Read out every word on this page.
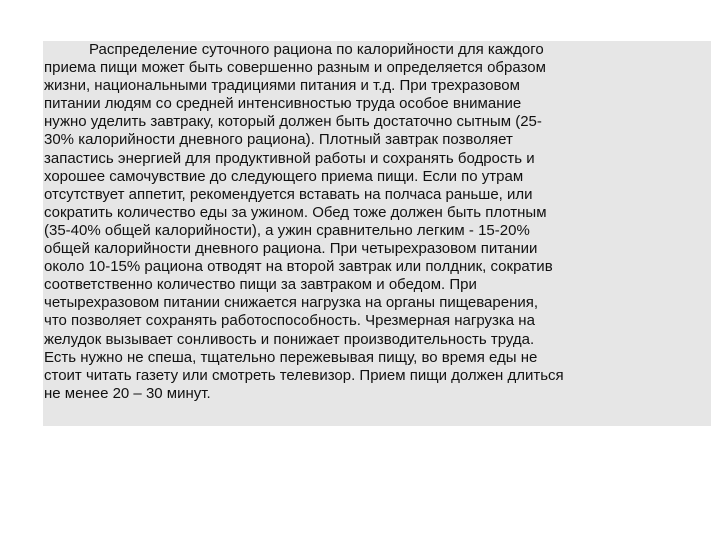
Распределение суточного рациона по калорийности для каждого
приема пищи может быть совершенно разным и определяется образом
жизни, национальными традициями питания и т.д. При трехразовом
питании людям со средней интенсивностью труда особое внимание
нужно уделить завтраку, который должен быть достаточно сытным (25-
30% калорийности дневного рациона). Плотный завтрак позволяет
запастись энергией для продуктивной работы и сохранять бодрость и
хорошее самочувствие до следующего приема пищи. Если по утрам
отсутствует аппетит, рекомендуется вставать на полчаса раньше, или
сократить количество еды за ужином. Обед тоже должен быть плотным
(35-40% общей калорийности), а ужин сравнительно легким - 15-20%
общей калорийности дневного рациона. При четырехразовом питании
около 10-15% рациона отводят на второй завтрак или полдник, сократив
соответственно количество пищи за завтраком и обедом. При
четырехразовом питании снижается нагрузка на органы пищеварения,
что позволяет сохранять работоспособность. Чрезмерная нагрузка на
желудок вызывает сонливость и понижает производительность труда.
Есть нужно не спеша, тщательно пережевывая пищу, во время еды не
стоит читать газету или смотреть телевизор. Прием пищи должен длиться
не менее 20 – 30 минут.
